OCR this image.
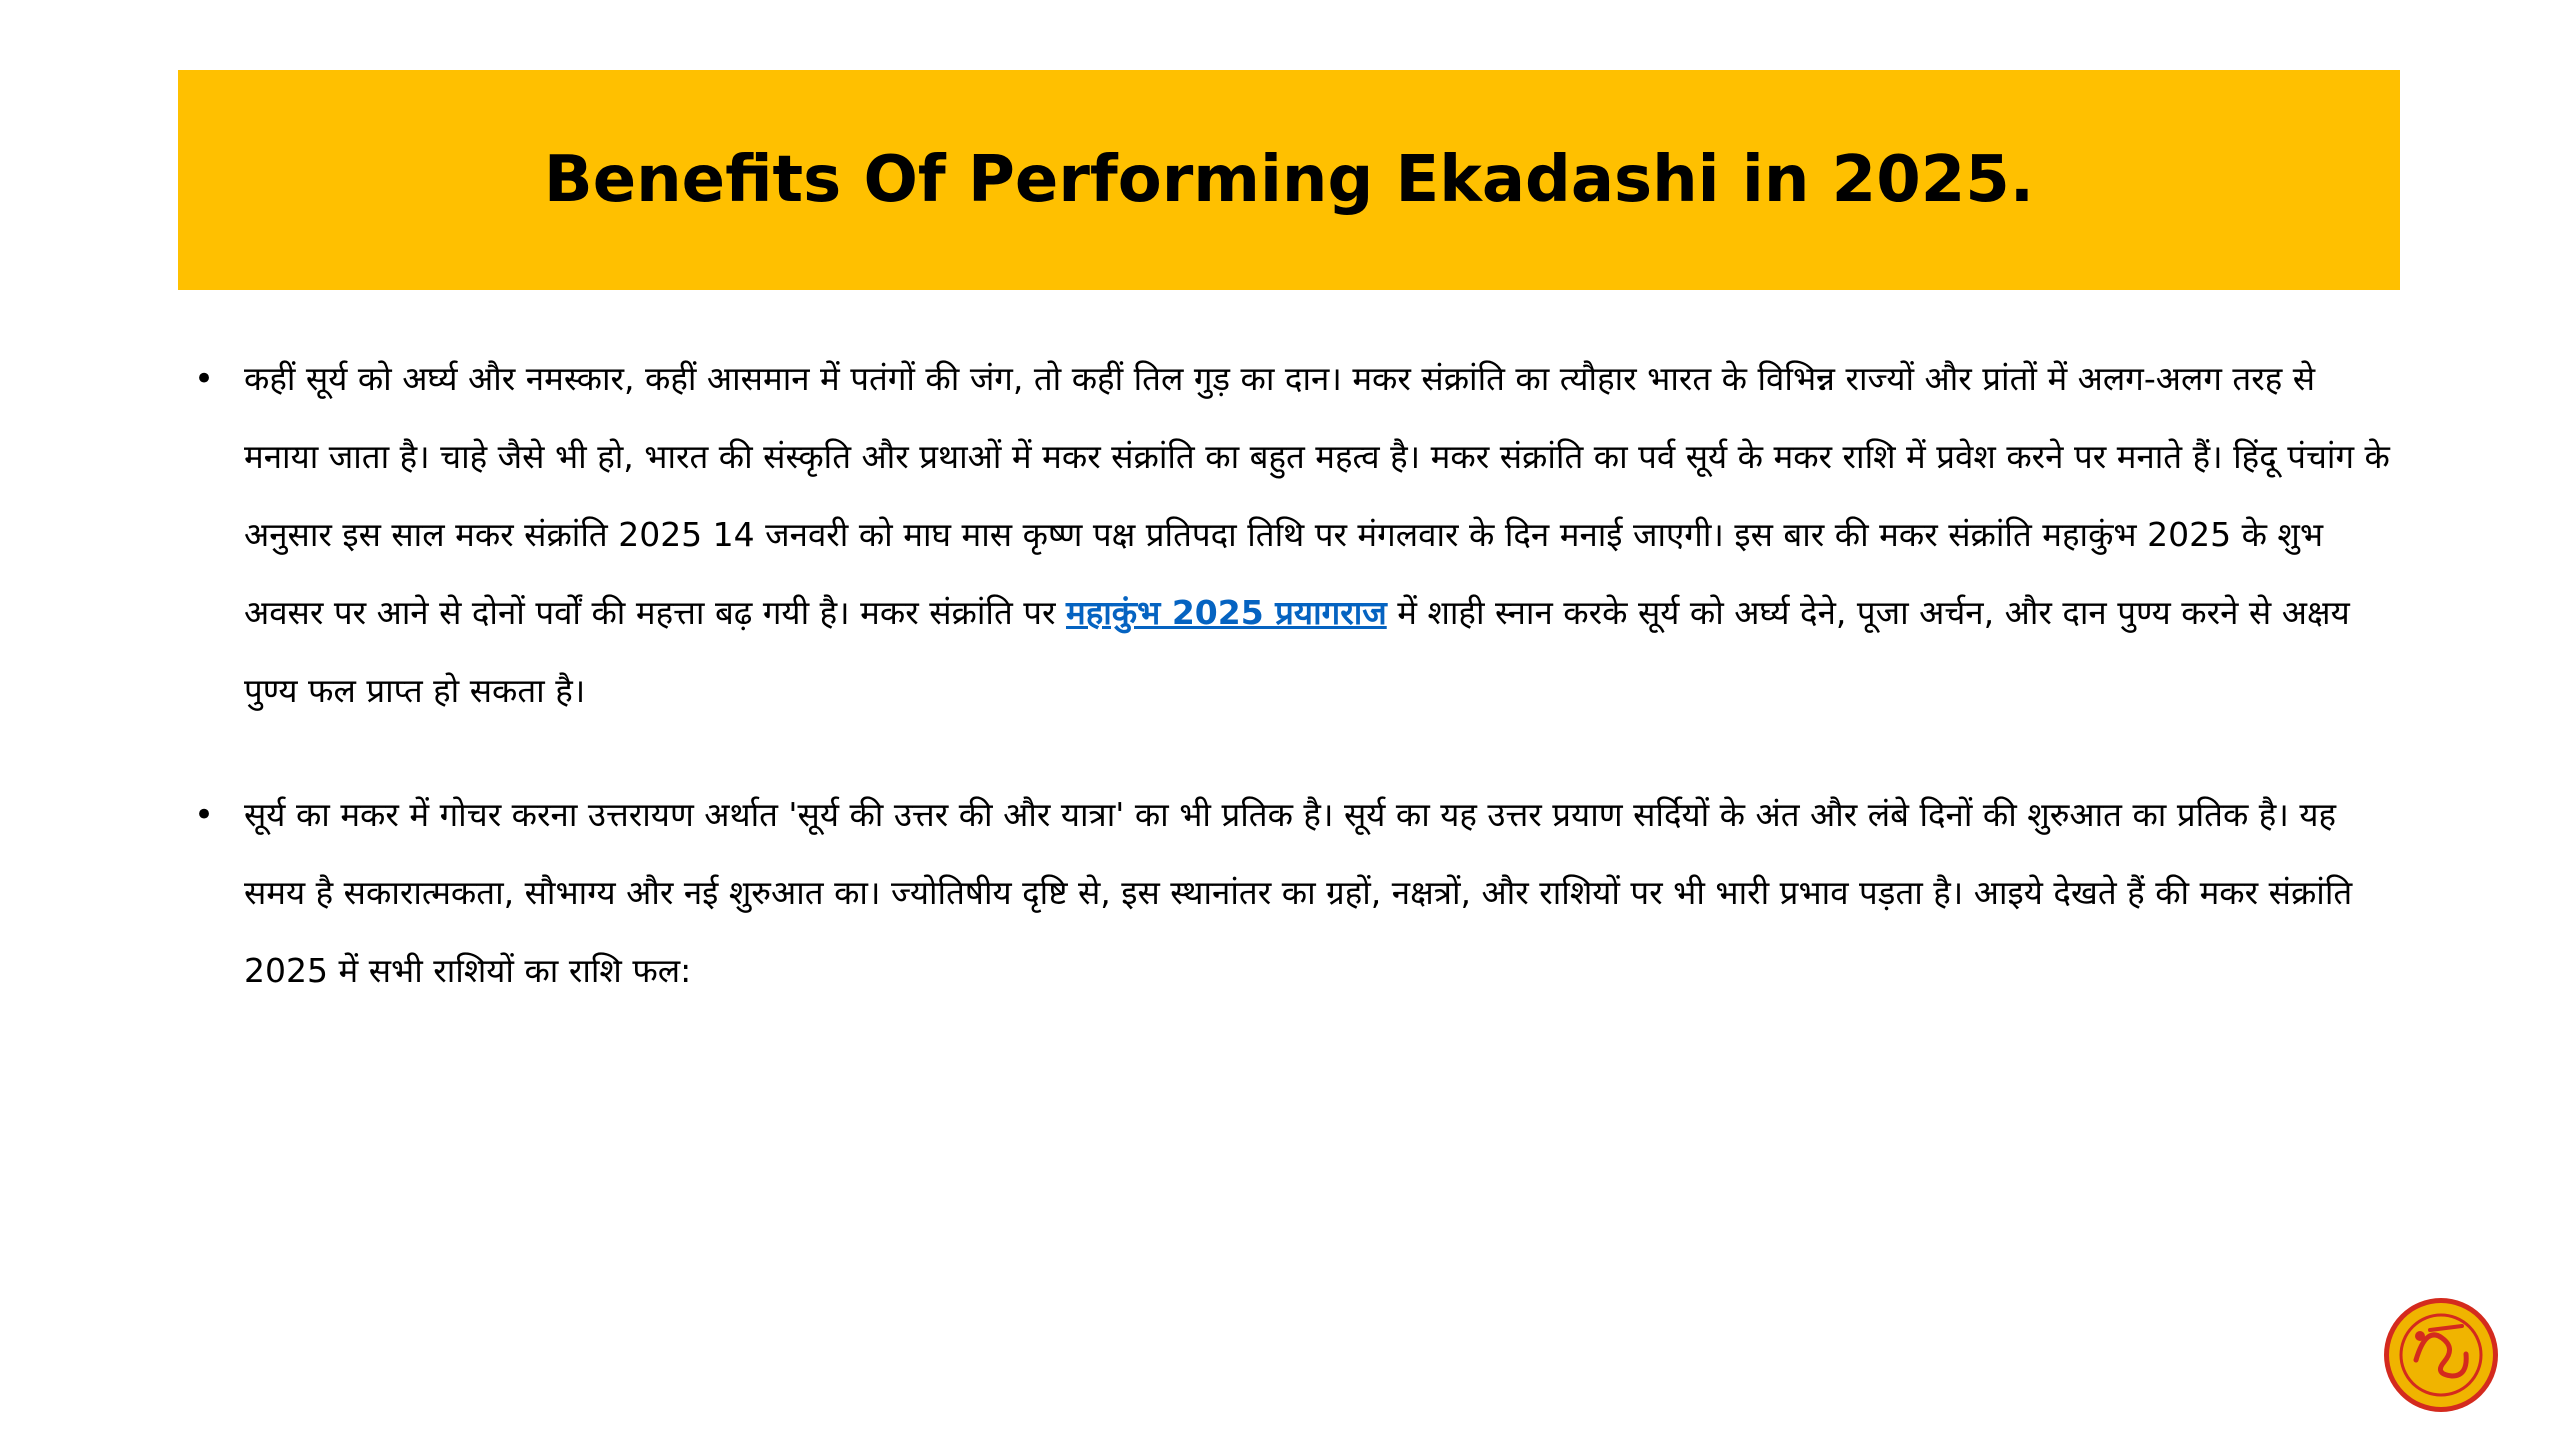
Benefits Of Performing Ekadashi in 2025.
• कहीं सूर्य को अर्घ्य और नमस्कार, कहीं आसमान में पतंगों की जंग, तो कहीं तिल गुड़ का दान। मकर संक्रांति का त्यौहार भारत के विभिन्न राज्यों और प्रांतों में अलग-अलग तरह से मनाया जाता है। चाहे जैसे भी हो, भारत की संस्कृति और प्रथाओं में मकर संक्रांति का बहुत महत्व है। मकर संक्रांति का पर्व सूर्य के मकर राशि में प्रवेश करने पर मनाते हैं। हिंदू पंचांग के अनुसार इस साल मकर संक्रांति 2025 14 जनवरी को माघ मास कृष्ण पक्ष प्रतिपदा तिथि पर मंगलवार के दिन मनाई जाएगी। इस बार की मकर संक्रांति महाकुंभ 2025 के शुभ अवसर पर आने से दोनों पर्वों की महत्ता बढ़ गयी है। मकर संक्रांति पर महाकुंभ 2025 प्रयागराज में शाही स्नान करके सूर्य को अर्घ्य देने, पूजा अर्चन, और दान पुण्य करने से अक्षय पुण्य फल प्राप्त हो सकता है।
• सूर्य का मकर में गोचर करना उत्तरायण अर्थात 'सूर्य की उत्तर की और यात्रा' का भी प्रतिक है। सूर्य का यह उत्तर प्रयाण सर्दियों के अंत और लंबे दिनों की शुरुआत का प्रतिक है। यह समय है सकारात्मकता, सौभाग्य और नई शुरुआत का। ज्योतिषीय दृष्टि से, इस स्थानांतर का ग्रहों, नक्षत्रों, और राशियों पर भी भारी प्रभाव पड़ता है। आइये देखते हैं की मकर संक्रांति 2025 में सभी राशियों का राशि फल:
